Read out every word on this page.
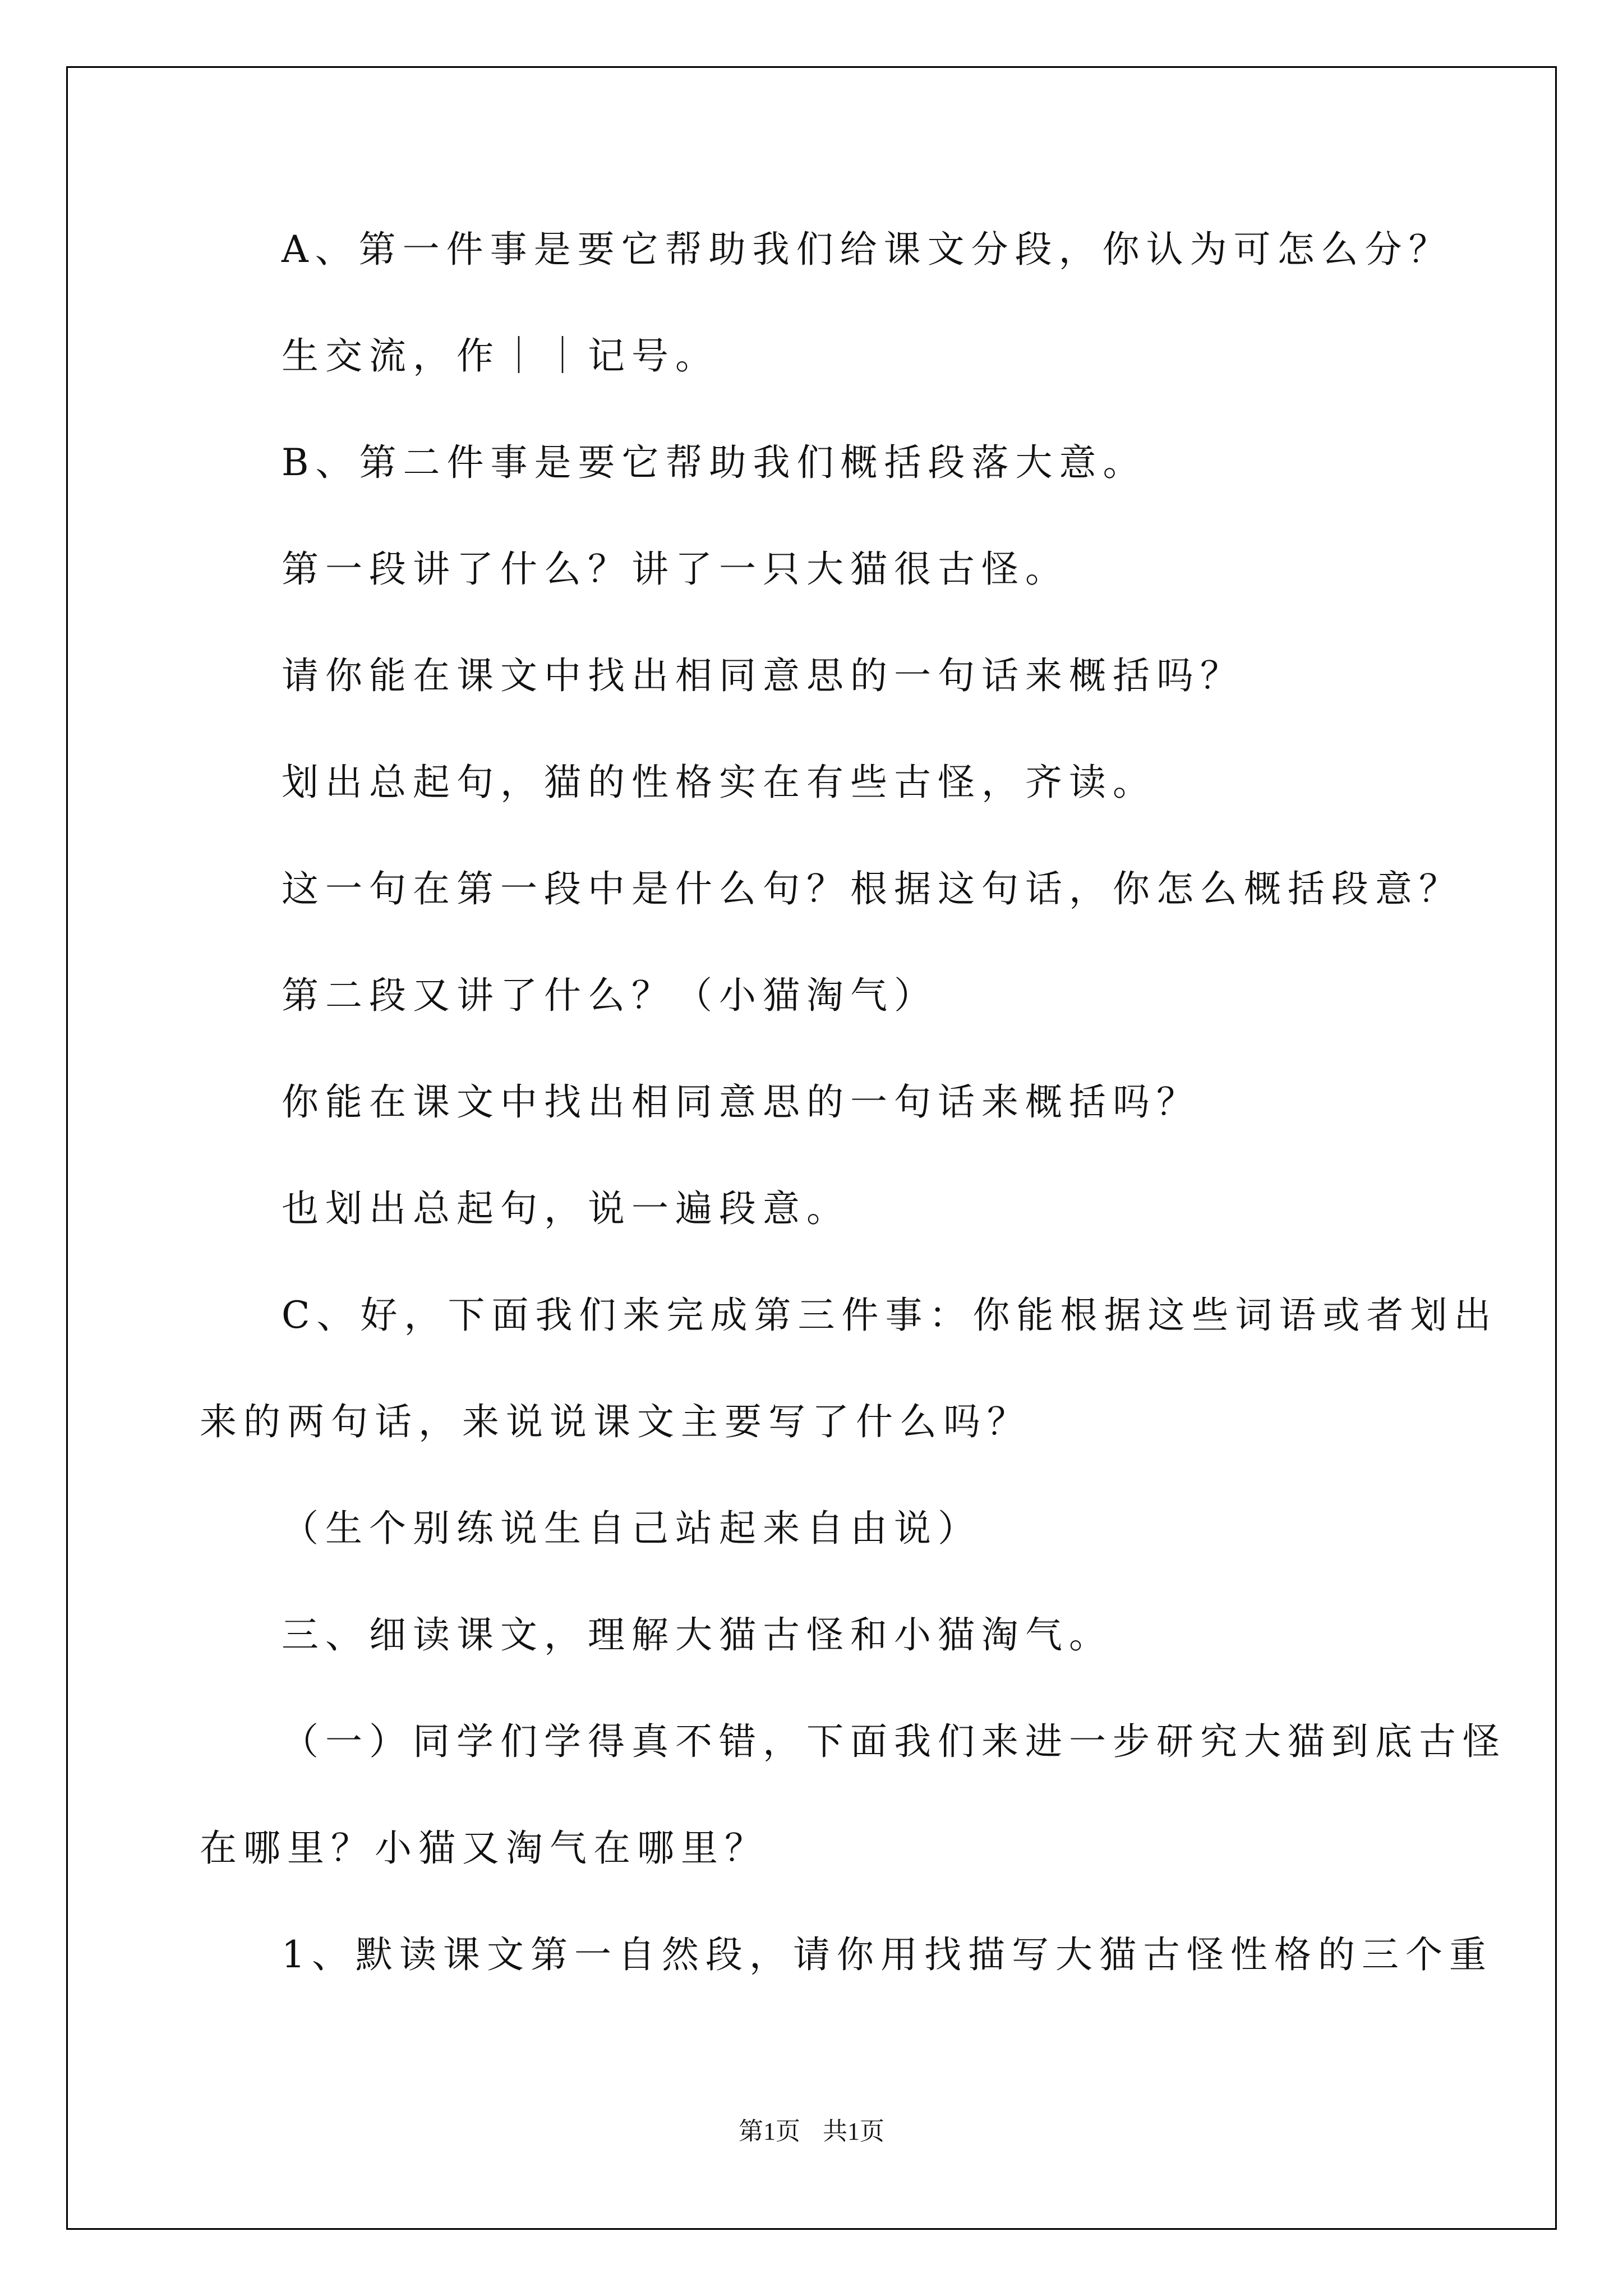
A、第一件事是要它帮助我们给课文分段，你认为可怎么分？
生交流，作｜｜记号。
B、第二件事是要它帮助我们概括段落大意。
第一段讲了什么？讲了一只大猫很古怪。
请你能在课文中找出相同意思的一句话来概括吗？
划出总起句，猫的性格实在有些古怪，齐读。
这一句在第一段中是什么句？根据这句话，你怎么概括段意？
第二段又讲了什么？（小猫淘气）
你能在课文中找出相同意思的一句话来概括吗？
也划出总起句，说一遍段意。
C、好，下面我们来完成第三件事：你能根据这些词语或者划出
来的两句话，来说说课文主要写了什么吗？
（生个别练说生自己站起来自由说）
三、细读课文，理解大猫古怪和小猫淘气。
（一）同学们学得真不错，下面我们来进一步研究大猫到底古怪
在哪里？小猫又淘气在哪里？
1、默读课文第一自然段，请你用找描写大猫古怪性格的三个重
第1页 共1页
